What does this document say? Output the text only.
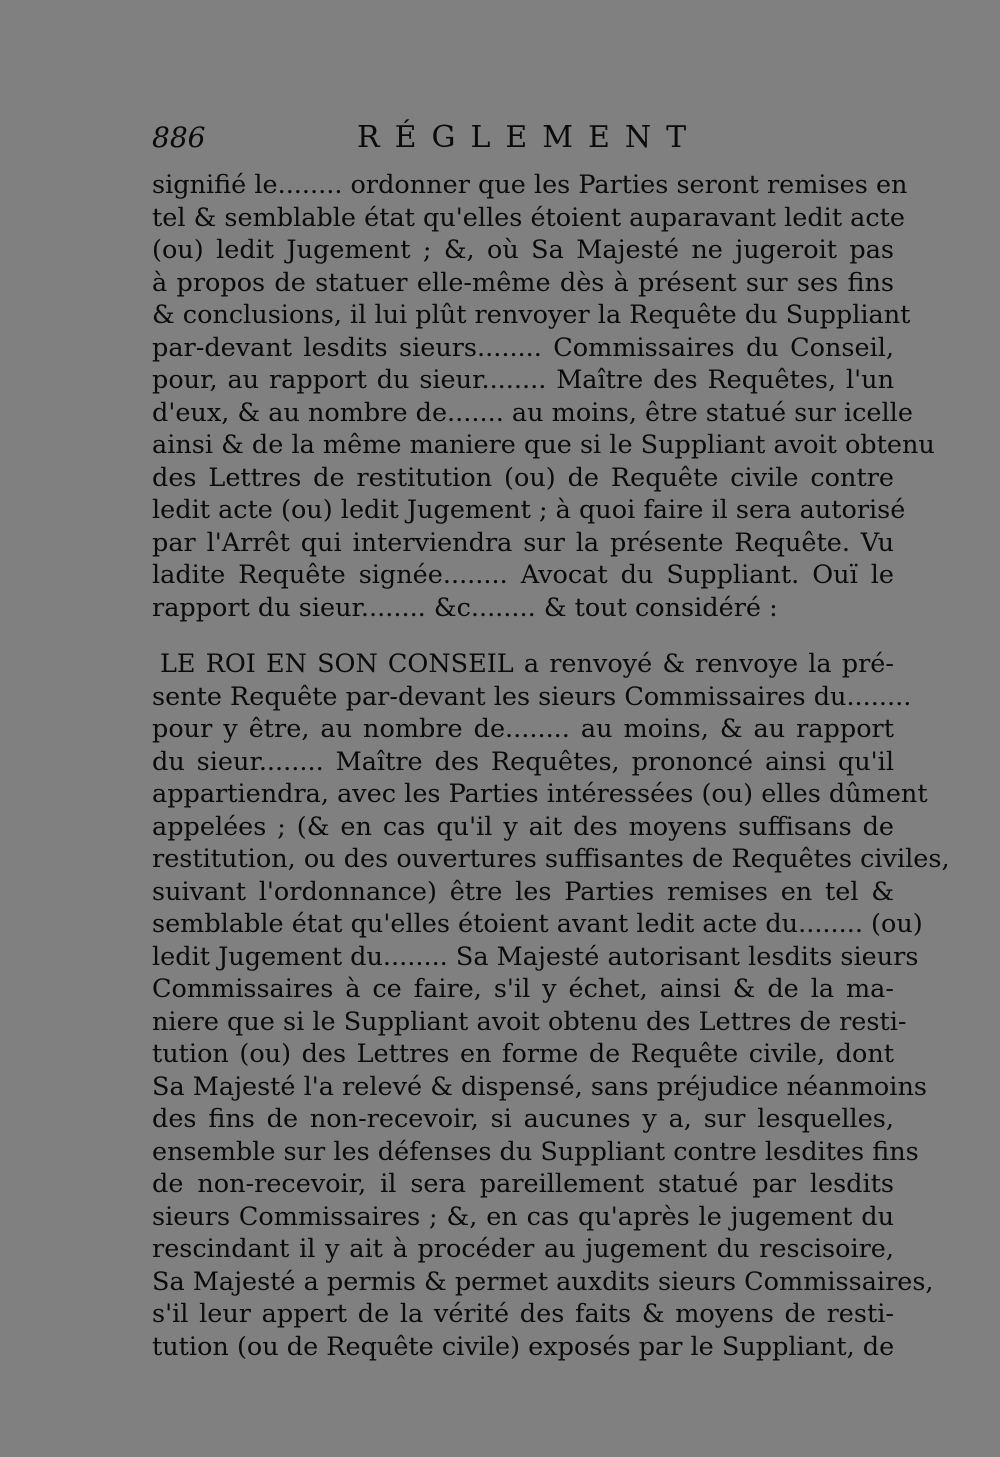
886	RÉGLEMENT
signifié le........ ordonner que les Parties seront remises en
tel & semblable état qu'elles étoient auparavant ledit acte
(ou) ledit Jugement ; &, où Sa Majesté ne jugeroit pas
à propos de statuer elle-même dès à présent sur ses fins
& conclusions, il lui plût renvoyer la Requête du Suppliant
par-devant lesdits sieurs........ Commissaires du Conseil,
pour, au rapport du sieur........ Maître des Requêtes, l'un
d'eux, & au nombre de....... au moins, être statué sur icelle
ainsi & de la même maniere que si le Suppliant avoit obtenu
des Lettres de restitution (ou) de Requête civile contre
ledit acte (ou) ledit Jugement ; à quoi faire il sera autorisé
par l'Arrêt qui interviendra sur la présente Requête. Vu
ladite Requête signée........ Avocat du Suppliant. Ouï le
rapport du sieur........ &c........ & tout considéré :
LE ROI EN SON CONSEIL a renvoyé & renvoye la pré-
sente Requête par-devant les sieurs Commissaires du........
pour y être, au nombre de........ au moins, & au rapport
du sieur........ Maître des Requêtes, prononcé ainsi qu'il
appartiendra, avec les Parties intéressées (ou) elles dûment
appelées ; (& en cas qu'il y ait des moyens suffisans de
restitution, ou des ouvertures suffisantes de Requêtes civiles,
suivant l'ordonnance) être les Parties remises en tel &
semblable état qu'elles étoient avant ledit acte du........ (ou)
ledit Jugement du........ Sa Majesté autorisant lesdits sieurs
Commissaires à ce faire, s'il y échet, ainsi & de la ma-
niere que si le Suppliant avoit obtenu des Lettres de resti-
tution (ou) des Lettres en forme de Requête civile, dont
Sa Majesté l'a relevé & dispensé, sans préjudice néanmoins
des fins de non-recevoir, si aucunes y a, sur lesquelles,
ensemble sur les défenses du Suppliant contre lesdites fins
de non-recevoir, il sera pareillement statué par lesdits
sieurs Commissaires ; &, en cas qu'après le jugement du
rescindant il y ait à procéder au jugement du rescisoire,
Sa Majesté a permis & permet auxdits sieurs Commissaires,
s'il leur appert de la vérité des faits & moyens de resti-
tution (ou de Requête civile) exposés par le Suppliant, de
